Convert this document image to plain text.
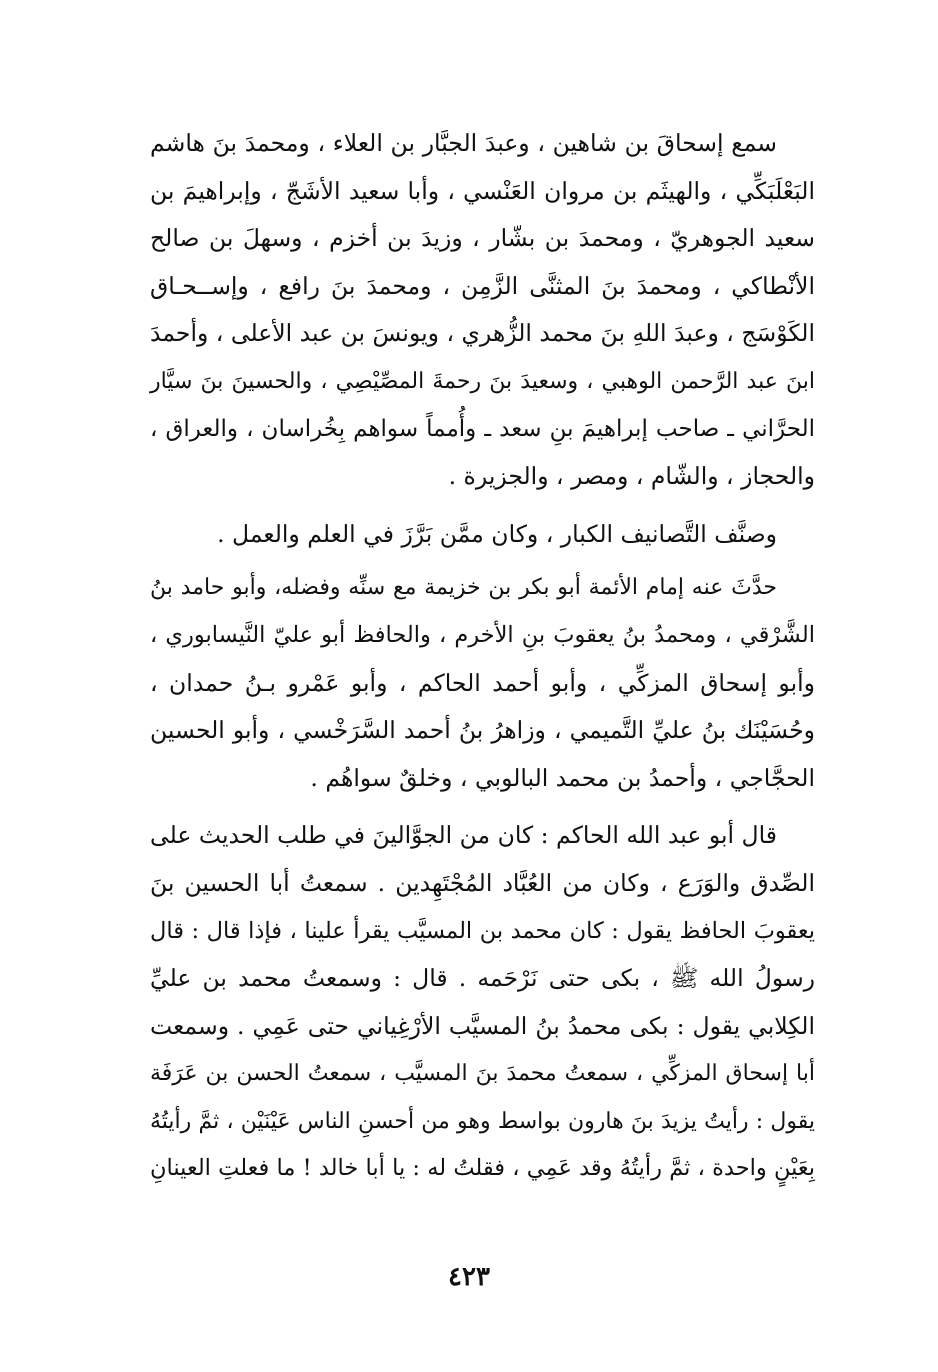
سمع إسحاقَ بن شاهين ، وعبدَ الجبَّار بن العلاء ، ومحمدَ بنَ هاشم
البَعْلَبَكِّي ، والهيثَم بن مروان العَنْسي ، وأبا سعيد الأشَجّ ، وإبراهيمَ بن
سعيد الجوهريّ ، ومحمدَ بن بشّار ، وزيدَ بن أخزم ، وسهلَ بن صالح
الأنْطاكي ، ومحمدَ بنَ المثنَّى الزَّمِن ، ومحمدَ بنَ رافع ، وإســحـاق
الكَوْسَج ، وعبدَ اللهِ بنَ محمد الزُّهري ، ويونسَ بن عبد الأعلى ، وأحمدَ
ابنَ عبد الرَّحمن الوهبي ، وسعيدَ بنَ رحمةَ المصِّيْصِي ، والحسينَ بنَ سيَّار
الحرَّاني ـ صاحب إبراهيمَ بنِ سعد ـ وأُمماً سواهم بِخُراسان ، والعراق ،
والحجاز ، والشّام ، ومصر ، والجزيرة .
وصنَّف التَّصانيف الكبار ، وكان ممَّن بَرَّزَ في العلم والعمل .
حدَّثَ عنه إمام الأئمة أبو بكر بن خزيمة مع سنِّه وفضله، وأبو حامد بنُ
الشَّرْقي ، ومحمدُ بنُ يعقوبَ بنِ الأخرم ، والحافظ أبو عليّ النَّيسابوري ،
وأبو إسحاق المزكِّي ، وأبو أحمد الحاكم ، وأبو عَمْرو بـنُ حمدان ،
وحُسَيْنَك بنُ عليِّ التَّميمي ، وزاهرُ بنُ أحمد السَّرَخْسي ، وأبو الحسين
الحجَّاجي ، وأحمدُ بن محمد البالوبي ، وخلقٌ سواهُم .
قال أبو عبد الله الحاكم : كان من الجوَّالينَ في طلب الحديث على
الصِّدق والوَرَع ، وكان من العُبَّاد المُجْتَهِدين . سمعتُ أبا الحسين بنَ
يعقوبَ الحافظ يقول : كان محمد بن المسيَّب يقرأ علينا ، فإذا قال : قال
رسولُ الله ﷺ ، بكى حتى نَرْحَمه . قال : وسمعتُ محمد بن عليِّ
الكِلابي يقول : بكى محمدُ بنُ المسيَّب الأرْغِياني حتى عَمِي . وسمعت
أبا إسحاق المزكِّي ، سمعتُ محمدَ بنَ المسيَّب ، سمعتُ الحسن بن عَرَفَة
يقول : رأيتُ يزيدَ بنَ هارون بواسط وهو من أحسنِ الناس عَيْنَيْن ، ثمَّ رأيتُهُ
بِعَيْنٍ واحدة ، ثمَّ رأيتُهُ وقد عَمِي ، فقلتُ له : يا أبا خالد ! ما فعلتِ العينانِ
٤٢٣
